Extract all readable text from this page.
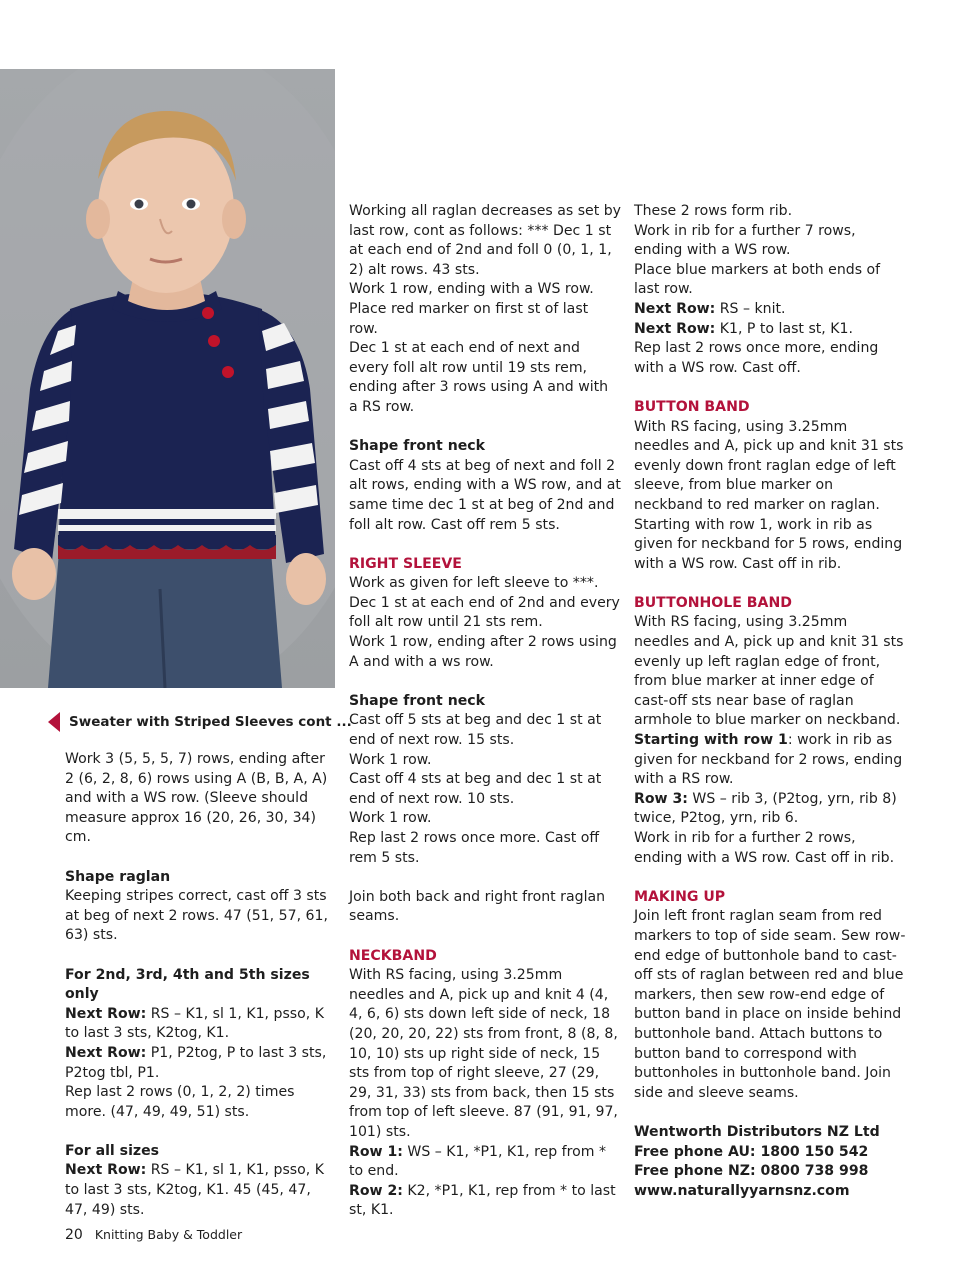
Sweater with Striped Sleeves cont ...

Work 3 (5, 5, 5, 7) rows, ending after 2 (6, 2, 8, 6) rows using A (B, B, A, A) and with a WS row. (Sleeve should measure approx 16 (20, 26, 30, 34) cm.

Shape raglan

Keeping stripes correct, cast off 3 sts at beg of next 2 rows. 47 (51, 57, 61, 63) sts.

For 2nd, 3rd, 4th and 5th sizes only

Next Row: RS – K1, sl 1, K1, psso, K to last 3 sts, K2tog, K1.

Next Row: P1, P2tog, P to last 3 sts, P2tog tbl, P1.

Rep last 2 rows (0, 1, 2, 2) times more. (47, 49, 49, 51) sts.

For all sizes

Next Row: RS – K1, sl 1, K1, psso, K to last 3 sts, K2tog, K1. 45 (45, 47, 47, 49) sts.

Working all raglan decreases as set by last row, cont as follows: *** Dec 1 st at each end of 2nd and foll 0 (0, 1, 1, 2) alt rows. 43 sts.

Work 1 row, ending with a WS row.

Place red marker on first st of last row.

Dec 1 st at each end of next and every foll alt row until 19 sts rem, ending after 3 rows using A and with a RS row.

Shape front neck

Cast off 4 sts at beg of next and foll 2 alt rows, ending with a WS row, and at same time dec 1 st at beg of 2nd and foll alt row. Cast off rem 5 sts.

RIGHT SLEEVE

Work as given for left sleeve to ***.

Dec 1 st at each end of 2nd and every foll alt row until 21 sts rem.

Work 1 row, ending after 2 rows using A and with a ws row.

Shape front neck

Cast off 5 sts at beg and dec 1 st at end of next row. 15 sts.

Work 1 row.

Cast off 4 sts at beg and dec 1 st at end of next row. 10 sts.

Work 1 row.

Rep last 2 rows once more. Cast off rem 5 sts.

Join both back and right front raglan seams.

NECKBAND

With RS facing, using 3.25mm needles and A, pick up and knit 4 (4, 4, 6, 6) sts down left side of neck, 18 (20, 20, 20, 22) sts from front, 8 (8, 8, 10, 10) sts up right side of neck, 15 sts from top of right sleeve, 27 (29, 29, 31, 33) sts from back, then 15 sts from top of left sleeve. 87 (91, 91, 97, 101) sts.

Row 1: WS – K1, *P1, K1, rep from * to end.

Row 2: K2, *P1, K1, rep from * to last st, K1.

These 2 rows form rib.

Work in rib for a further 7 rows, ending with a WS row.

Place blue markers at both ends of last row.

Next Row: RS – knit.

Next Row: K1, P to last st, K1.

Rep last 2 rows once more, ending with a WS row. Cast off.

BUTTON BAND

With RS facing, using 3.25mm needles and A, pick up and knit 31 sts evenly down front raglan edge of left sleeve, from blue marker on neckband to red marker on raglan.

Starting with row 1, work in rib as given for neckband for 5 rows, ending with a WS row. Cast off in rib.

BUTTONHOLE BAND

With RS facing, using 3.25mm needles and A, pick up and knit 31 sts evenly up left raglan edge of front, from blue marker at inner edge of cast-off sts near base of raglan armhole to blue marker on neckband.

Starting with row 1: work in rib as given for neckband for 2 rows, ending with a RS row.

Row 3: WS – rib 3, (P2tog, yrn, rib 8) twice, P2tog, yrn, rib 6.

Work in rib for a further 2 rows, ending with a WS row. Cast off in rib.

MAKING UP

Join left front raglan seam from red markers to top of side seam. Sew row-end edge of buttonhole band to cast-off sts of raglan between red and blue markers, then sew row-end edge of button band in place on inside behind buttonhole band. Attach buttons to button band to correspond with buttonholes in buttonhole band. Join side and sleeve seams.

Wentworth Distributors NZ Ltd

Free phone AU: 1800 150 542

Free phone NZ: 0800 738 998

www.naturallyyarnsnz.com

20 Knitting Baby & Toddler
